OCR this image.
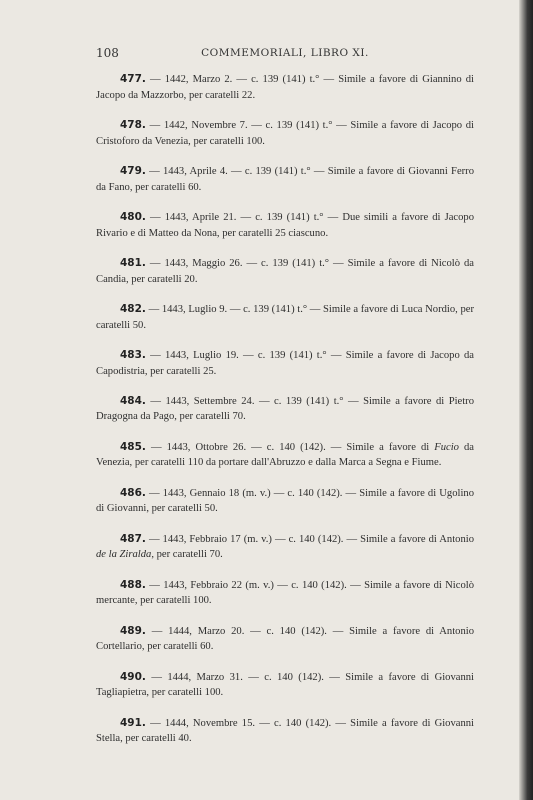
108	COMMEMORIALI, LIBRO XI.

477. — 1442, Marzo 2. — c. 139 (141) t.° — Simile a favore di Giannino di Jacopo da Mazzorbo, per caratelli 22.

478. — 1442, Novembre 7. — c. 139 (141) t.° — Simile a favore di Jacopo di Cristoforo da Venezia, per caratelli 100.

479. — 1443, Aprile 4. — c. 139 (141) t.° — Simile a favore di Giovanni Ferro da Fano, per caratelli 60.

480. — 1443, Aprile 21. — c. 139 (141) t.° — Due simili a favore di Jacopo Rivario e di Matteo da Nona, per caratelli 25 ciascuno.

481. — 1443, Maggio 26. — c. 139 (141) t.° — Simile a favore di Nicolò da Candia, per caratelli 20.

482. — 1443, Luglio 9. — c. 139 (141) t.° — Simile a favore di Luca Nordio, per caratelli 50.

483. — 1443, Luglio 19. — c. 139 (141) t.° — Simile a favore di Jacopo da Capodistria, per caratelli 25.

484. — 1443, Settembre 24. — c. 139 (141) t.° — Simile a favore di Pietro Dragogna da Pago, per caratelli 70.

485. — 1443, Ottobre 26. — c. 140 (142). — Simile a favore di Fucio da Venezia, per caratelli 110 da portare dall'Abruzzo e dalla Marca a Segna e Fiume.

486. — 1443, Gennaio 18 (m. v.) — c. 140 (142). — Simile a favore di Ugolino di Giovanni, per caratelli 50.

487. — 1443, Febbraio 17 (m. v.) — c. 140 (142). — Simile a favore di Antonio de la Ziralda, per caratelli 70.

488. — 1443, Febbraio 22 (m. v.) — c. 140 (142). — Simile a favore di Nicolò mercante, per caratelli 100.

489. — 1444, Marzo 20. — c. 140 (142). — Simile a favore di Antonio Cortellario, per caratelli 60.

490. — 1444, Marzo 31. — c. 140 (142). — Simile a favore di Giovanni Tagliapietra, per caratelli 100.

491. — 1444, Novembre 15. — c. 140 (142). — Simile a favore di Giovanni Stella, per caratelli 40.
